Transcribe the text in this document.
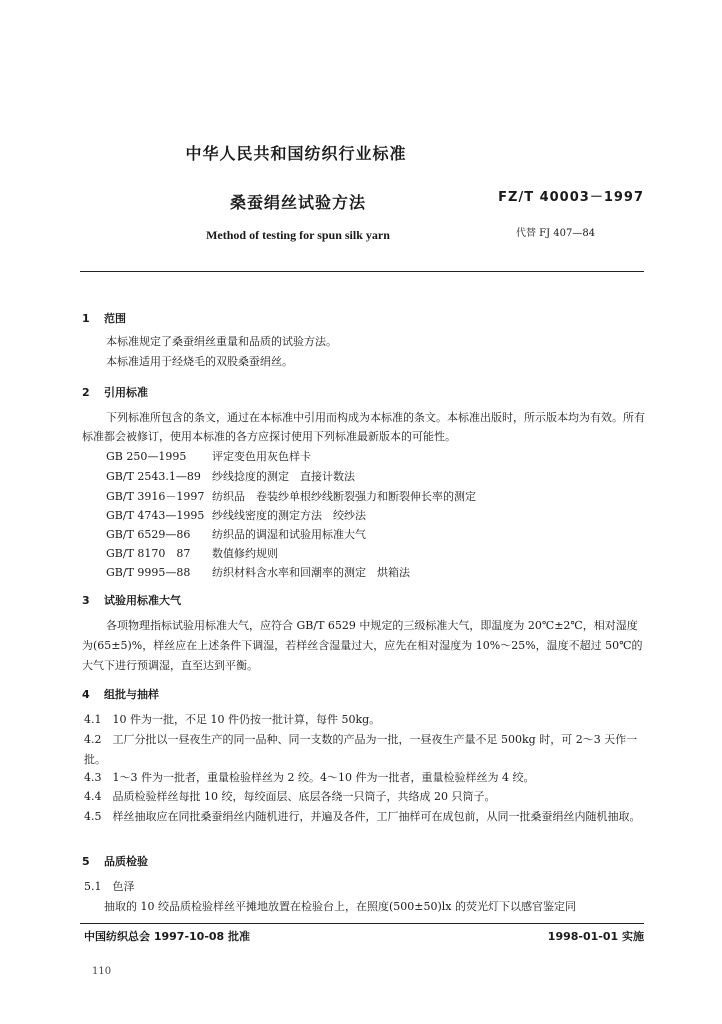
中华人民共和国纺织行业标准
桑蚕绢丝试验方法	FZ/T 40003－1997
Method of testing for spun silk yarn	代替 FJ 407—84
1 范围
本标准规定了桑蚕绢丝重量和品质的试验方法。
本标准适用于经烧毛的双股桑蚕绢丝。
2 引用标准
下列标准所包含的条文，通过在本标准中引用而构成为本标准的条文。本标准出版时，所示版本均为有效。所有标准都会被修订，使用本标准的各方应探讨使用下列标准最新版本的可能性。
GB 250—1995 评定变色用灰色样卡
GB/T 2543.1—89 纱线捻度的测定　直接计数法
GB/T 3916－1997 纺织品　卷装纱单根纱线断裂强力和断裂伸长率的测定
GB/T 4743—1995 纱线线密度的测定方法　绞纱法
GB/T 6529—86 纺织品的调湿和试验用标准大气
GB/T 8170　87 数值修约规则
GB/T 9995—88 纺织材料含水率和回潮率的测定　烘箱法
3 试验用标准大气
各项物理指标试验用标准大气，应符合 GB/T 6529 中规定的三级标准大气，即温度为 20℃±2℃，相对湿度为(65±5)%，样丝应在上述条件下调湿，若样丝含湿量过大，应先在相对湿度为 10%～25%，温度不超过 50℃的大气下进行预调湿，直至达到平衡。
4 组批与抽样
4.1　 10 件为一批，不足 10 件仍按一批计算，每件 50kg。
4.2　 工厂分批以一昼夜生产的同一品种、同一支数的产品为一批，一昼夜生产量不足 500kg 时，可 2～3 天作一批。
4.3　 1～3 件为一批者，重量检验样丝为 2 绞。4～10 件为一批者，重量检验样丝为 4 绞。
4.4　 品质检验样丝每批 10 绞，每绞面层、底层各绕一只筒子，共络成 20 只筒子。
4.5　 样丝抽取应在同批桑蚕绢丝内随机进行，并遍及各件，工厂抽样可在成包前，从同一批桑蚕绢丝内随机抽取。
5 品质检验
5.1　 色泽
抽取的 10 绞品质检验样丝平摊地放置在检验台上，在照度(500±50)lx 的荧光灯下以感官鉴定同
中国纺织总会 1997-10-08 批准	1998-01-01 实施
110
